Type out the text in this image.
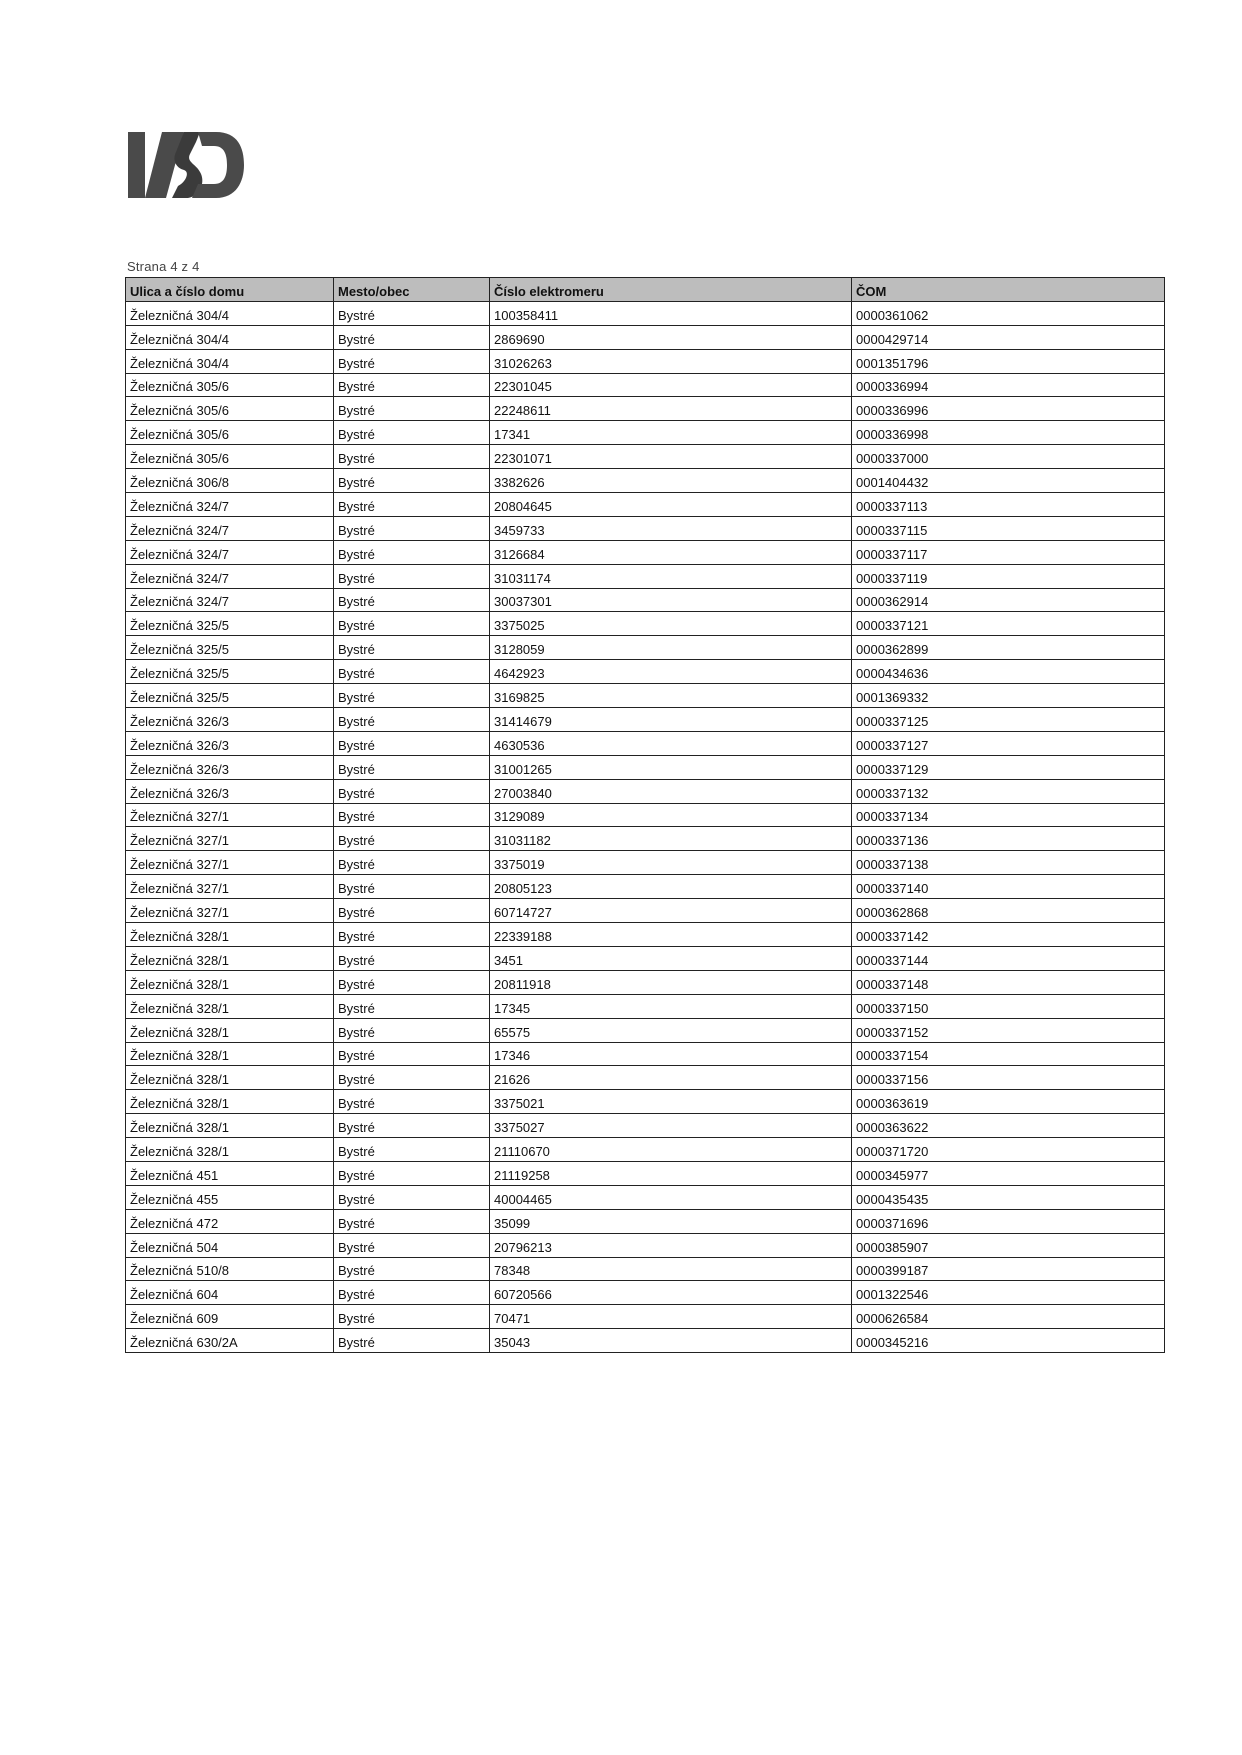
Strana 4 z 4
Ulica a číslo domu	Mesto/obec	Číslo elektromeru	ČOM
Železničná 304/4	Bystré	100358411	0000361062
Železničná 304/4	Bystré	2869690	0000429714
Železničná 304/4	Bystré	31026263	0001351796
Železničná 305/6	Bystré	22301045	0000336994
Železničná 305/6	Bystré	22248611	0000336996
Železničná 305/6	Bystré	17341	0000336998
Železničná 305/6	Bystré	22301071	0000337000
Železničná 306/8	Bystré	3382626	0001404432
Železničná 324/7	Bystré	20804645	0000337113
Železničná 324/7	Bystré	3459733	0000337115
Železničná 324/7	Bystré	3126684	0000337117
Železničná 324/7	Bystré	31031174	0000337119
Železničná 324/7	Bystré	30037301	0000362914
Železničná 325/5	Bystré	3375025	0000337121
Železničná 325/5	Bystré	3128059	0000362899
Železničná 325/5	Bystré	4642923	0000434636
Železničná 325/5	Bystré	3169825	0001369332
Železničná 326/3	Bystré	31414679	0000337125
Železničná 326/3	Bystré	4630536	0000337127
Železničná 326/3	Bystré	31001265	0000337129
Železničná 326/3	Bystré	27003840	0000337132
Železničná 327/1	Bystré	3129089	0000337134
Železničná 327/1	Bystré	31031182	0000337136
Železničná 327/1	Bystré	3375019	0000337138
Železničná 327/1	Bystré	20805123	0000337140
Železničná 327/1	Bystré	60714727	0000362868
Železničná 328/1	Bystré	22339188	0000337142
Železničná 328/1	Bystré	3451	0000337144
Železničná 328/1	Bystré	20811918	0000337148
Železničná 328/1	Bystré	17345	0000337150
Železničná 328/1	Bystré	65575	0000337152
Železničná 328/1	Bystré	17346	0000337154
Železničná 328/1	Bystré	21626	0000337156
Železničná 328/1	Bystré	3375021	0000363619
Železničná 328/1	Bystré	3375027	0000363622
Železničná 328/1	Bystré	21110670	0000371720
Železničná 451	Bystré	21119258	0000345977
Železničná 455	Bystré	40004465	0000435435
Železničná 472	Bystré	35099	0000371696
Železničná 504	Bystré	20796213	0000385907
Železničná 510/8	Bystré	78348	0000399187
Železničná 604	Bystré	60720566	0001322546
Železničná 609	Bystré	70471	0000626584
Železničná 630/2A	Bystré	35043	0000345216
